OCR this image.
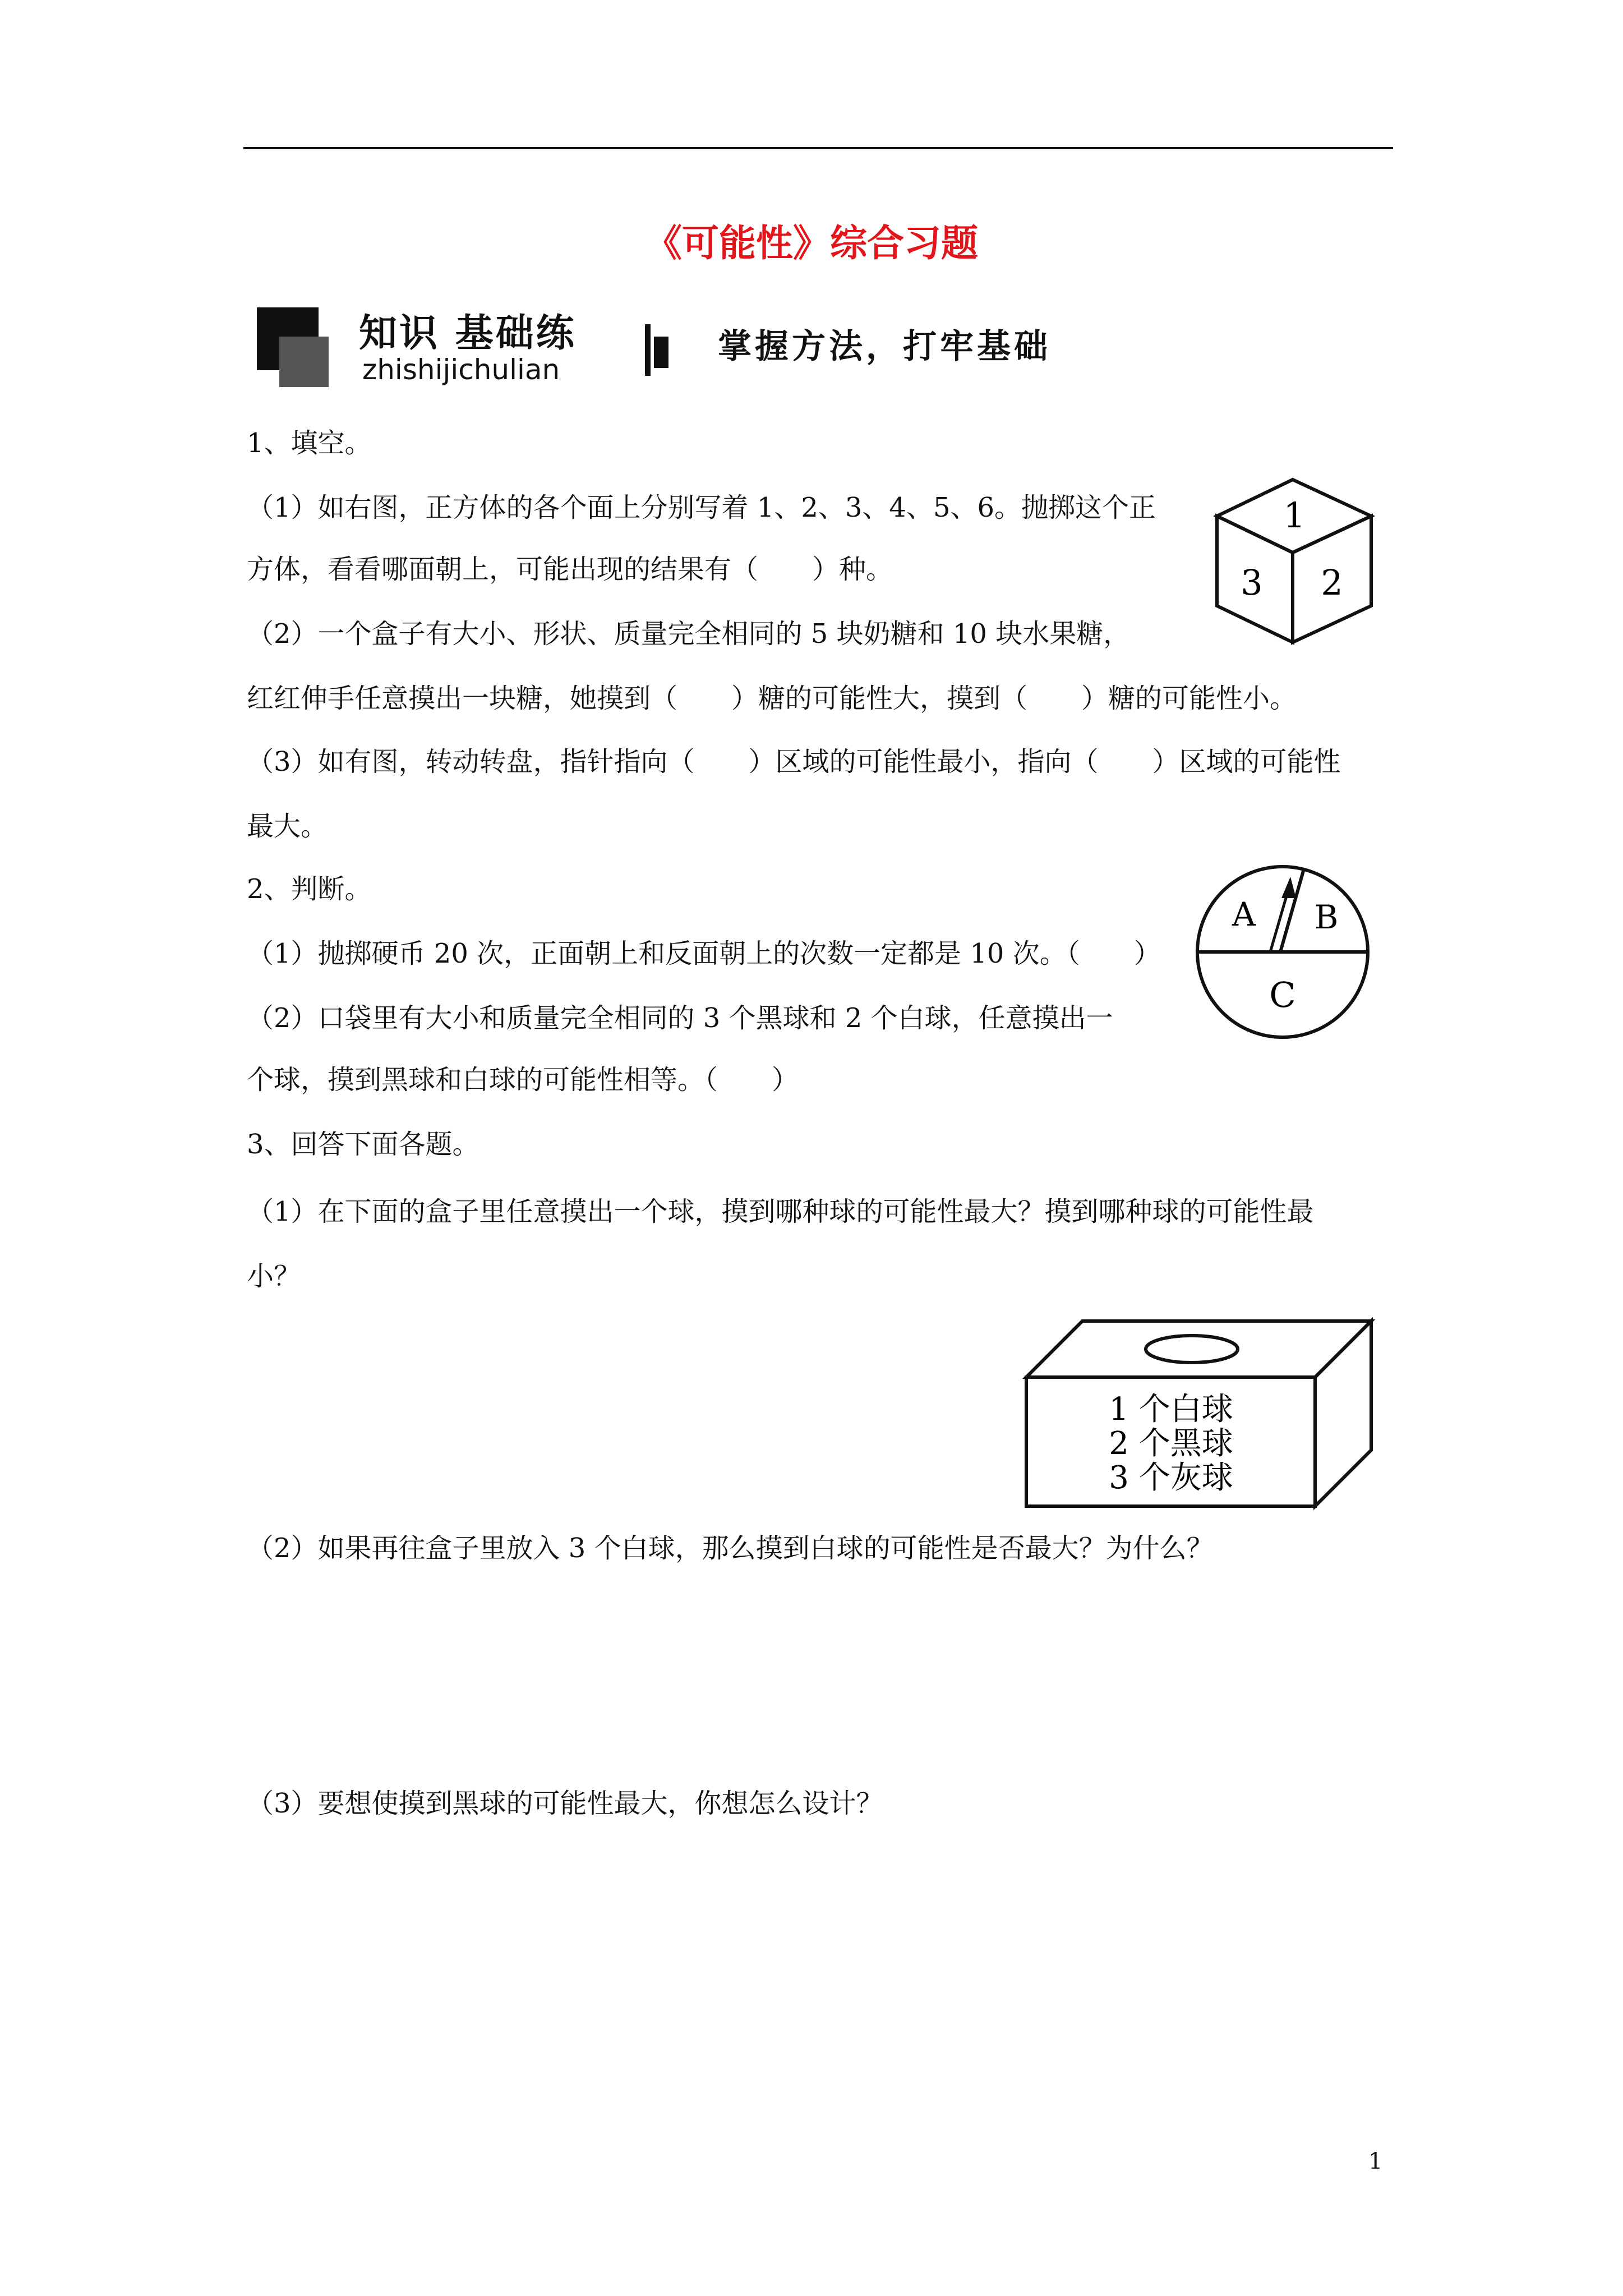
《可能性》综合习题
知识 基础练
zhishijichulian
掌握方法，打牢基础
1、填空。
（1）如右图，正方体的各个面上分别写着 1、2、3、4、5、6。抛掷这个正
方体，看看哪面朝上，可能出现的结果有（　　）种。
（2）一个盒子有大小、形状、质量完全相同的 5 块奶糖和 10 块水果糖，
红红伸手任意摸出一块糖，她摸到（　　）糖的可能性大，摸到（　　）糖的可能性小。
（3）如有图，转动转盘，指针指向（　　）区域的可能性最小，指向（　　）区域的可能性
最大。
1
3 2
2、判断。
（1）抛掷硬币 20 次，正面朝上和反面朝上的次数一定都是 10 次。（　　）
（2）口袋里有大小和质量完全相同的 3 个黑球和 2 个白球，任意摸出一
个球，摸到黑球和白球的可能性相等。（　　）
A B
C
3、回答下面各题。
（1）在下面的盒子里任意摸出一个球，摸到哪种球的可能性最大？摸到哪种球的可能性最
小？
1 个白球
2 个黑球
3 个灰球
（2）如果再往盒子里放入 3 个白球，那么摸到白球的可能性是否最大？为什么？
（3）要想使摸到黑球的可能性最大，你想怎么设计？
1
